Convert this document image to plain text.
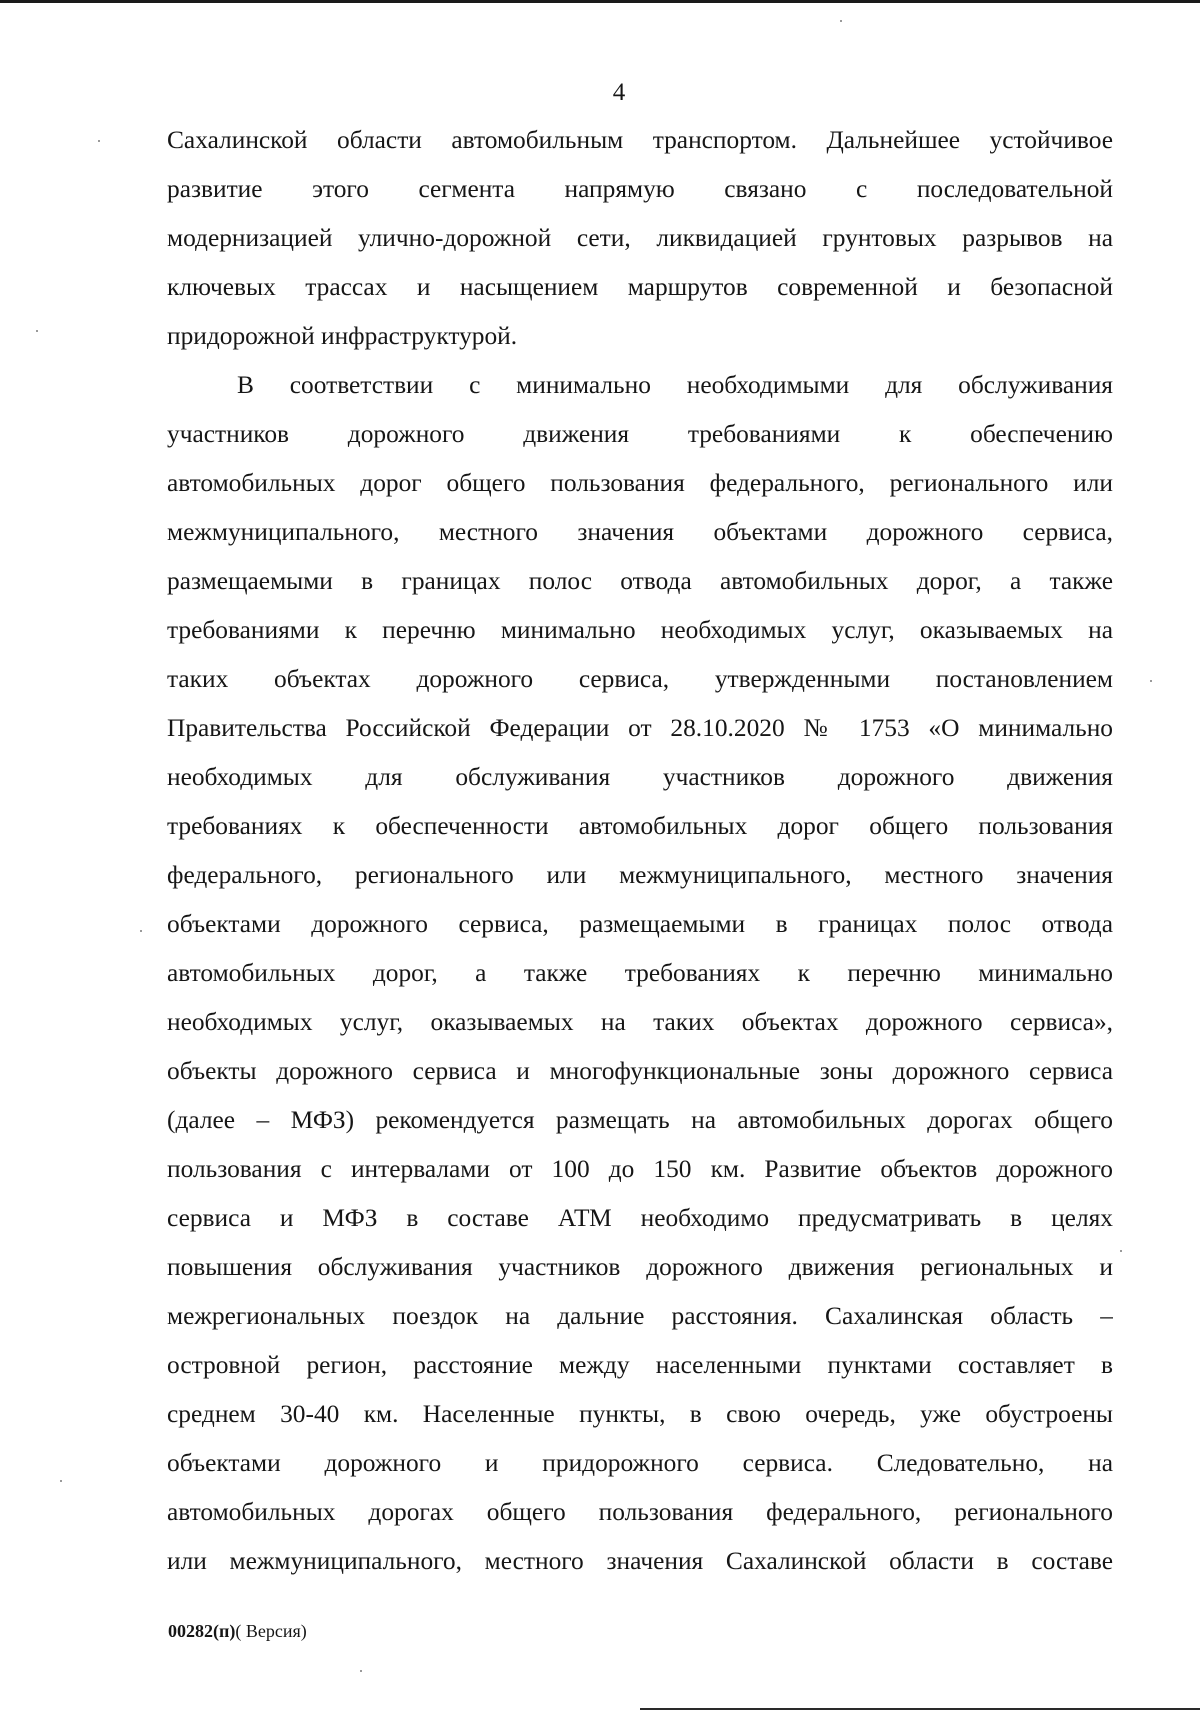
4
Сахалинской области автомобильным транспортом. Дальнейшее устойчивое
развитие этого сегмента напрямую связано с последовательной
модернизацией улично-дорожной сети, ликвидацией грунтовых разрывов на
ключевых трассах и насыщением маршрутов современной и безопасной
придорожной инфраструктурой.
В соответствии с минимально необходимыми для обслуживания
участников дорожного движения требованиями к обеспечению
автомобильных дорог общего пользования федерального, регионального или
межмуниципального, местного значения объектами дорожного сервиса,
размещаемыми в границах полос отвода автомобильных дорог, а также
требованиями к перечню минимально необходимых услуг, оказываемых на
таких объектах дорожного сервиса, утвержденными постановлением
Правительства Российской Федерации от 28.10.2020 № 1753 «О минимально
необходимых для обслуживания участников дорожного движения
требованиях к обеспеченности автомобильных дорог общего пользования
федерального, регионального или межмуниципального, местного значения
объектами дорожного сервиса, размещаемыми в границах полос отвода
автомобильных дорог, а также требованиях к перечню минимально
необходимых услуг, оказываемых на таких объектах дорожного сервиса»,
объекты дорожного сервиса и многофункциональные зоны дорожного сервиса
(далее – МФЗ) рекомендуется размещать на автомобильных дорогах общего
пользования с интервалами от 100 до 150 км. Развитие объектов дорожного
сервиса и МФЗ в составе АТМ необходимо предусматривать в целях
повышения обслуживания участников дорожного движения региональных и
межрегиональных поездок на дальние расстояния. Сахалинская область –
островной регион, расстояние между населенными пунктами составляет в
среднем 30-40 км. Населенные пункты, в свою очередь, уже обустроены
объектами дорожного и придорожного сервиса. Следовательно, на
автомобильных дорогах общего пользования федерального, регионального
или межмуниципального, местного значения Сахалинской области в составе
00282(п)( Версия)
